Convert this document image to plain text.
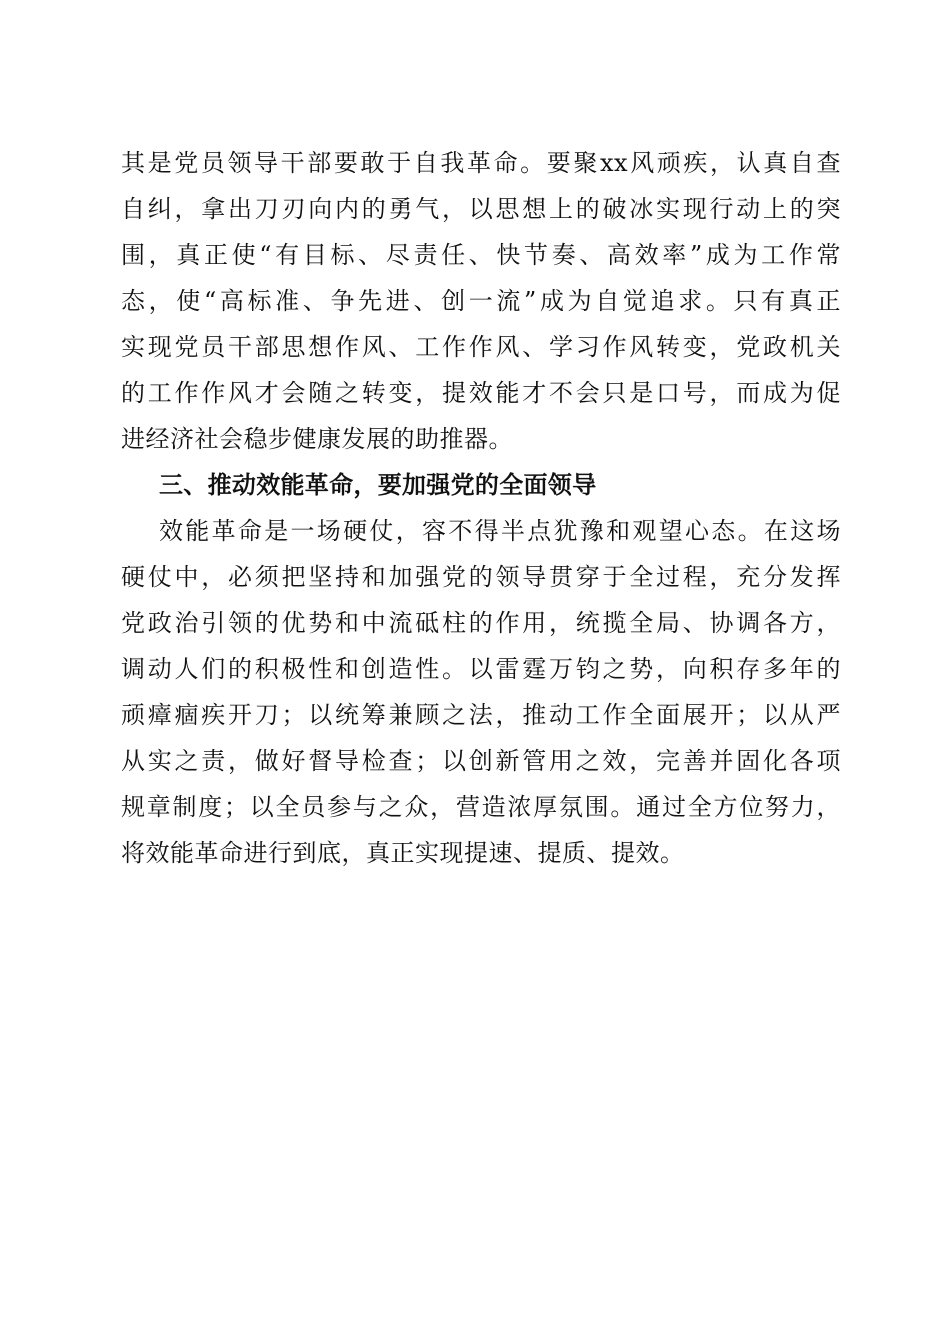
其是党员领导干部要敢于自我革命。要聚xx风顽疾，认真自查
自纠，拿出刀刃向内的勇气，以思想上的破冰实现行动上的突
围，真正使“有目标、尽责任、快节奏、高效率”成为工作常
态，使“高标准、争先进、创一流”成为自觉追求。只有真正
实现党员干部思想作风、工作作风、学习作风转变，党政机关
的工作作风才会随之转变，提效能才不会只是口号，而成为促
进经济社会稳步健康发展的助推器。
三、推动效能革命，要加强党的全面领导
效能革命是一场硬仗，容不得半点犹豫和观望心态。在这场
硬仗中，必须把坚持和加强党的领导贯穿于全过程，充分发挥
党政治引领的优势和中流砥柱的作用，统揽全局、协调各方，
调动人们的积极性和创造性。以雷霆万钧之势，向积存多年的
顽瘴痼疾开刀；以统筹兼顾之法，推动工作全面展开；以从严
从实之责，做好督导检查；以创新管用之效，完善并固化各项
规章制度；以全员参与之众，营造浓厚氛围。通过全方位努力，
将效能革命进行到底，真正实现提速、提质、提效。
